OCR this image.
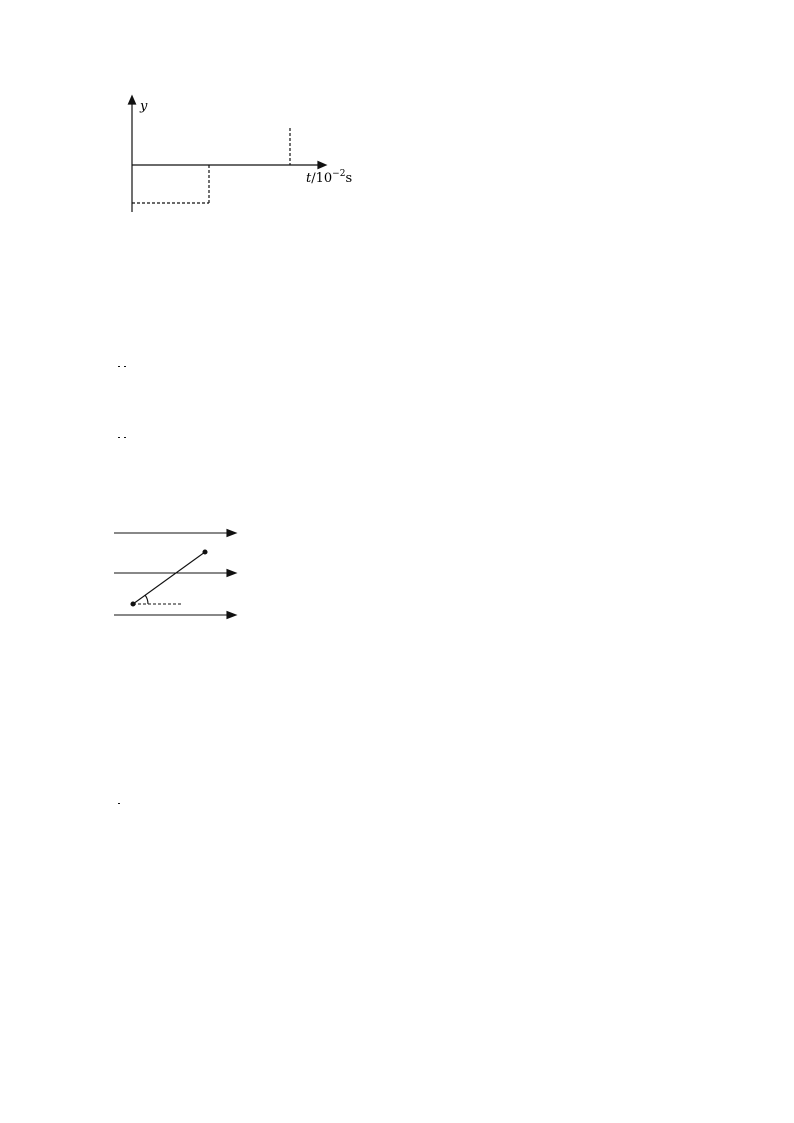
y
$t/10^{-2}s$
